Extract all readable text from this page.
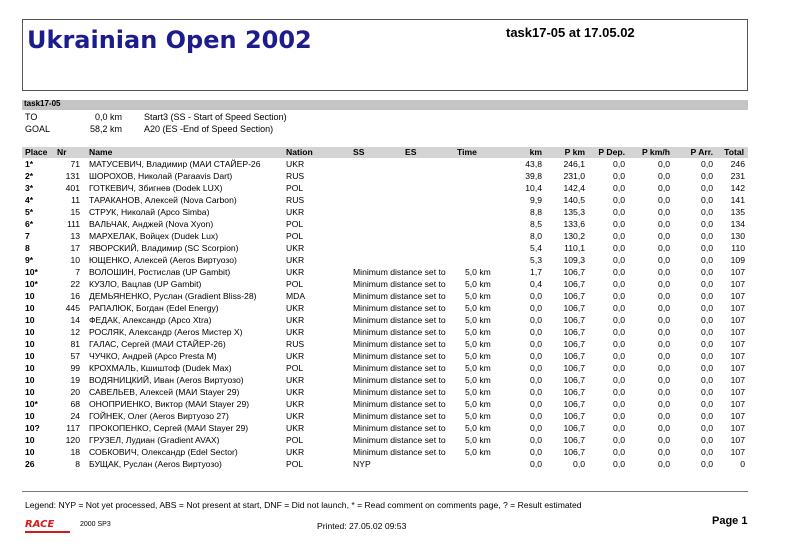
Ukrainian Open 2002	task17-05 at 17.05.02
task17-05
TO	0,0 km Start3 (SS - Start of Speed Section)
GOAL	58,2 km A20 (ES -End of Speed Section)
Place	Nr	Name	Nation	SS	ES	Time	km	P km P Dep. P km/h P Arr. Total
1*	71 МАТУСЕВИЧ, Владимир (МАИ СТАЙЕР-26	UKR	43,8 246,1	0,0	0,0	0,0 246
2*	131 ШОРОХОВ, Николай (Paraavis Dart)	RUS	39,8 231,0	0,0	0,0	0,0 231
3*	401 ГОТКЕВИЧ, Збигнев (Dodek LUX)	POL	10,4 142,4	0,0	0,0	0,0 142
4*	11 ТАРАКАНОВ, Алексей (Nova Carbon)	RUS	9,9 140,5	0,0	0,0	0,0 141
5*	15 СТРУК, Николай (Apco Simba)	UKR	8,8 135,3	0,0	0,0	0,0 135
6*	111 ВАЛЬЧАК, Анджей (Nova Xyon)	POL	8,5 133,6	0,0	0,0	0,0 134
7	13 МАРХЕЛАК, Войцех (Dudek Lux)	POL	8,0 130,2	0,0	0,0	0,0 130
8	17 ЯВОРСКИЙ, Владимир (SC Scorpion)	UKR	5,4	110,1	0,0	0,0	0,0 110
9*	10 ЮЩЕНКО, Алексей (Aeros Виртуозо)	UKR	5,3 109,3	0,0	0,0	0,0 109
10*	7 ВОЛОШИН, Ростислав (UP Gambit)	UKR	Minimum distance set to 5,0 km	1,7 106,7	0,0	0,0	0,0 107
10*	22 КУЗЛО, Вацлав (UP Gambit)	POL	Minimum distance set to 5,0 km	0,4 106,7	0,0	0,0	0,0 107
10	16 ДЕМЬЯНЕНКО, Руслан (Gradient Bliss-28)	MDA	Minimum distance set to 5,0 km	0,0 106,7	0,0	0,0	0,0 107
10	445 РАПАЛЮК, Богдан (Edel Energy)	UKR	Minimum distance set to 5,0 km	0,0 106,7	0,0	0,0	0,0 107
10	14 ФЕДАК, Александр (Apco Xtra)	UKR	Minimum distance set to 5,0 km	0,0 106,7	0,0	0,0	0,0 107
10	12 РОСЛЯК, Александр (Aeros Мистер X)	UKR	Minimum distance set to 5,0 km	0,0 106,7	0,0	0,0	0,0 107
10	81 ГАЛАС, Сергей (МАИ СТАЙЕР-26)	RUS	Minimum distance set to 5,0 km	0,0 106,7	0,0	0,0	0,0 107
10	57 ЧУЧКО, Андрей (Apco Presta M)	UKR	Minimum distance set to 5,0 km	0,0 106,7	0,0	0,0	0,0 107
10	99 КРОХМАЛЬ, Кшиштоф (Dudek Max)	POL	Minimum distance set to 5,0 km	0,0 106,7	0,0	0,0	0,0 107
10	19 ВОДЯНИЦКИЙ, Иван (Aeros Виртуозо)	UKR	Minimum distance set to 5,0 km	0,0 106,7	0,0	0,0	0,0 107
10	20 САВЕЛЬЕВ, Алексей (МАИ Stayer 29)	UKR	Minimum distance set to 5,0 km	0,0 106,7	0,0	0,0	0,0 107
10*	68 ОНОПРИЕНКО, Виктор (МАИ Stayer 29)	UKR	Minimum distance set to 5,0 km	0,0 106,7	0,0	0,0	0,0 107
10	24 ГОЙНЕК, Олег (Aeros Виртуозо 27)	UKR	Minimum distance set to 5,0 km	0,0 106,7	0,0	0,0	0,0 107
10?	117 ПРОКОПЕНКО, Сергей (МАИ Stayer 29)	UKR	Minimum distance set to 5,0 km	0,0 106,7	0,0	0,0	0,0 107
10	120 ГРУЗЕЛ, Лудиан (Gradient AVAX)	POL	Minimum distance set to 5,0 km	0,0 106,7	0,0	0,0	0,0 107
10	18 СОБКОВИЧ, Олександр (Edel Sector)	UKR	Minimum distance set to 5,0 km	0,0 106,7	0,0	0,0	0,0 107
26	8 БУЩАК, Руслан (Aeros Виртуозо)	POL	NYP	0,0	0,0	0,0	0,0	0,0	0
Legend: NYP = Not yet processed, ABS = Not present at start, DNF = Did not launch, * = Read comment on comments page, ? = Result estimated
RACE	2000 SP3	Printed: 27.05.02 09:53	Page 1
